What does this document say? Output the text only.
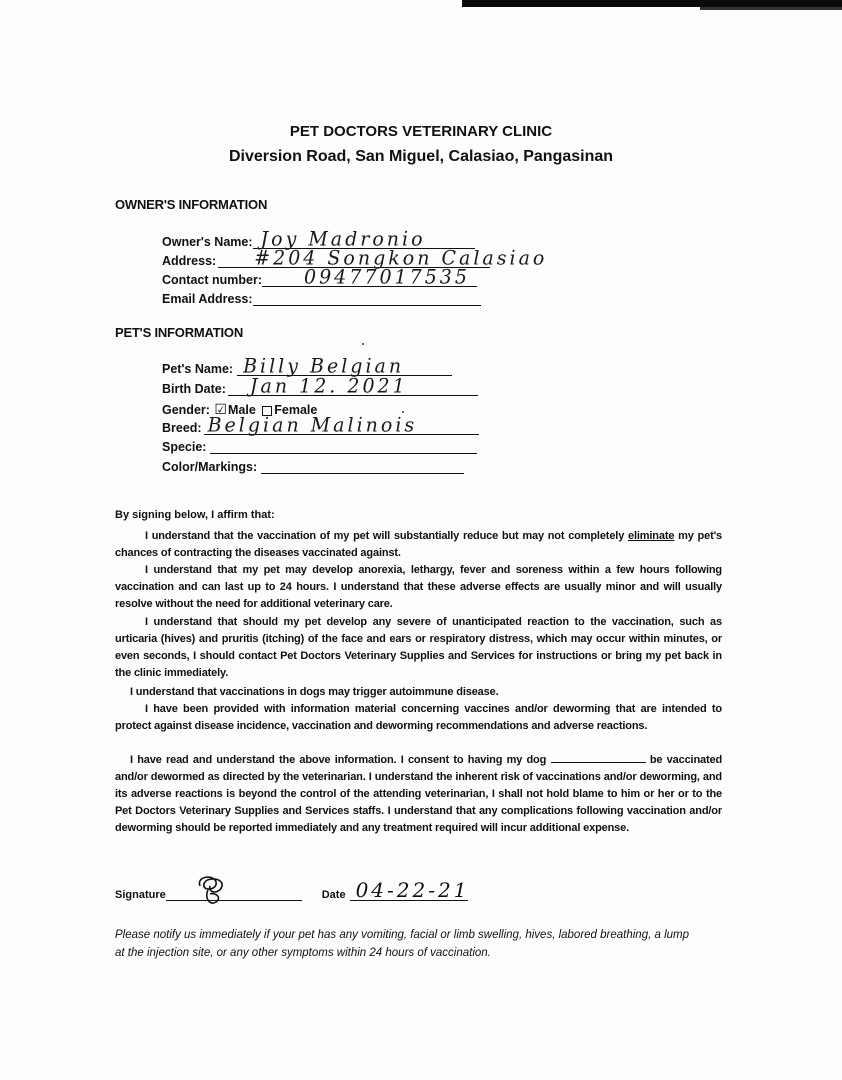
PET DOCTORS VETERINARY CLINIC
Diversion Road, San Miguel, Calasiao, Pangasinan
OWNER'S INFORMATION
Owner's Name: Joy Madronio
Address: #204 Songkon Calasiao
Contact number: 09477017535
Email Address:
PET'S INFORMATION
Pet's Name: Billy Belgian
Birth Date: Jan 12. 2021
Gender: ☑Male Female
Breed: Belgian Malinois
Specie:
Color/Markings:
By signing below, I affirm that:
I understand that the vaccination of my pet will substantially reduce but may not completely eliminate my pet's chances of contracting the diseases vaccinated against.
I understand that my pet may develop anorexia, lethargy, fever and soreness within a few hours following vaccination and can last up to 24 hours. I understand that these adverse effects are usually minor and will usually resolve without the need for additional veterinary care.
I understand that should my pet develop any severe of unanticipated reaction to the vaccination, such as urticaria (hives) and pruritis (itching) of the face and ears or respiratory distress, which may occur within minutes, or even seconds, I should contact Pet Doctors Veterinary Supplies and Services for instructions or bring my pet back in the clinic immediately.
I understand that vaccinations in dogs may trigger autoimmune disease.
I have been provided with information material concerning vaccines and/or deworming that are intended to protect against disease incidence, vaccination and deworming recommendations and adverse reactions.
I have read and understand the above information. I consent to having my dog	be vaccinated and/or dewormed as directed by the veterinarian. I understand the inherent risk of vaccinations and/or deworming, and its adverse reactions is beyond the control of the attending veterinarian, I shall not hold blame to him or her or to the Pet Doctors Veterinary Supplies and Services staffs. I understand that any complications following vaccination and/or deworming should be reported immediately and any treatment required will incur additional expense.
Signature	Date 04-22-21
Please notify us immediately if your pet has any vomiting, facial or limb swelling, hives, labored breathing, a lump at the injection site, or any other symptoms within 24 hours of vaccination.
